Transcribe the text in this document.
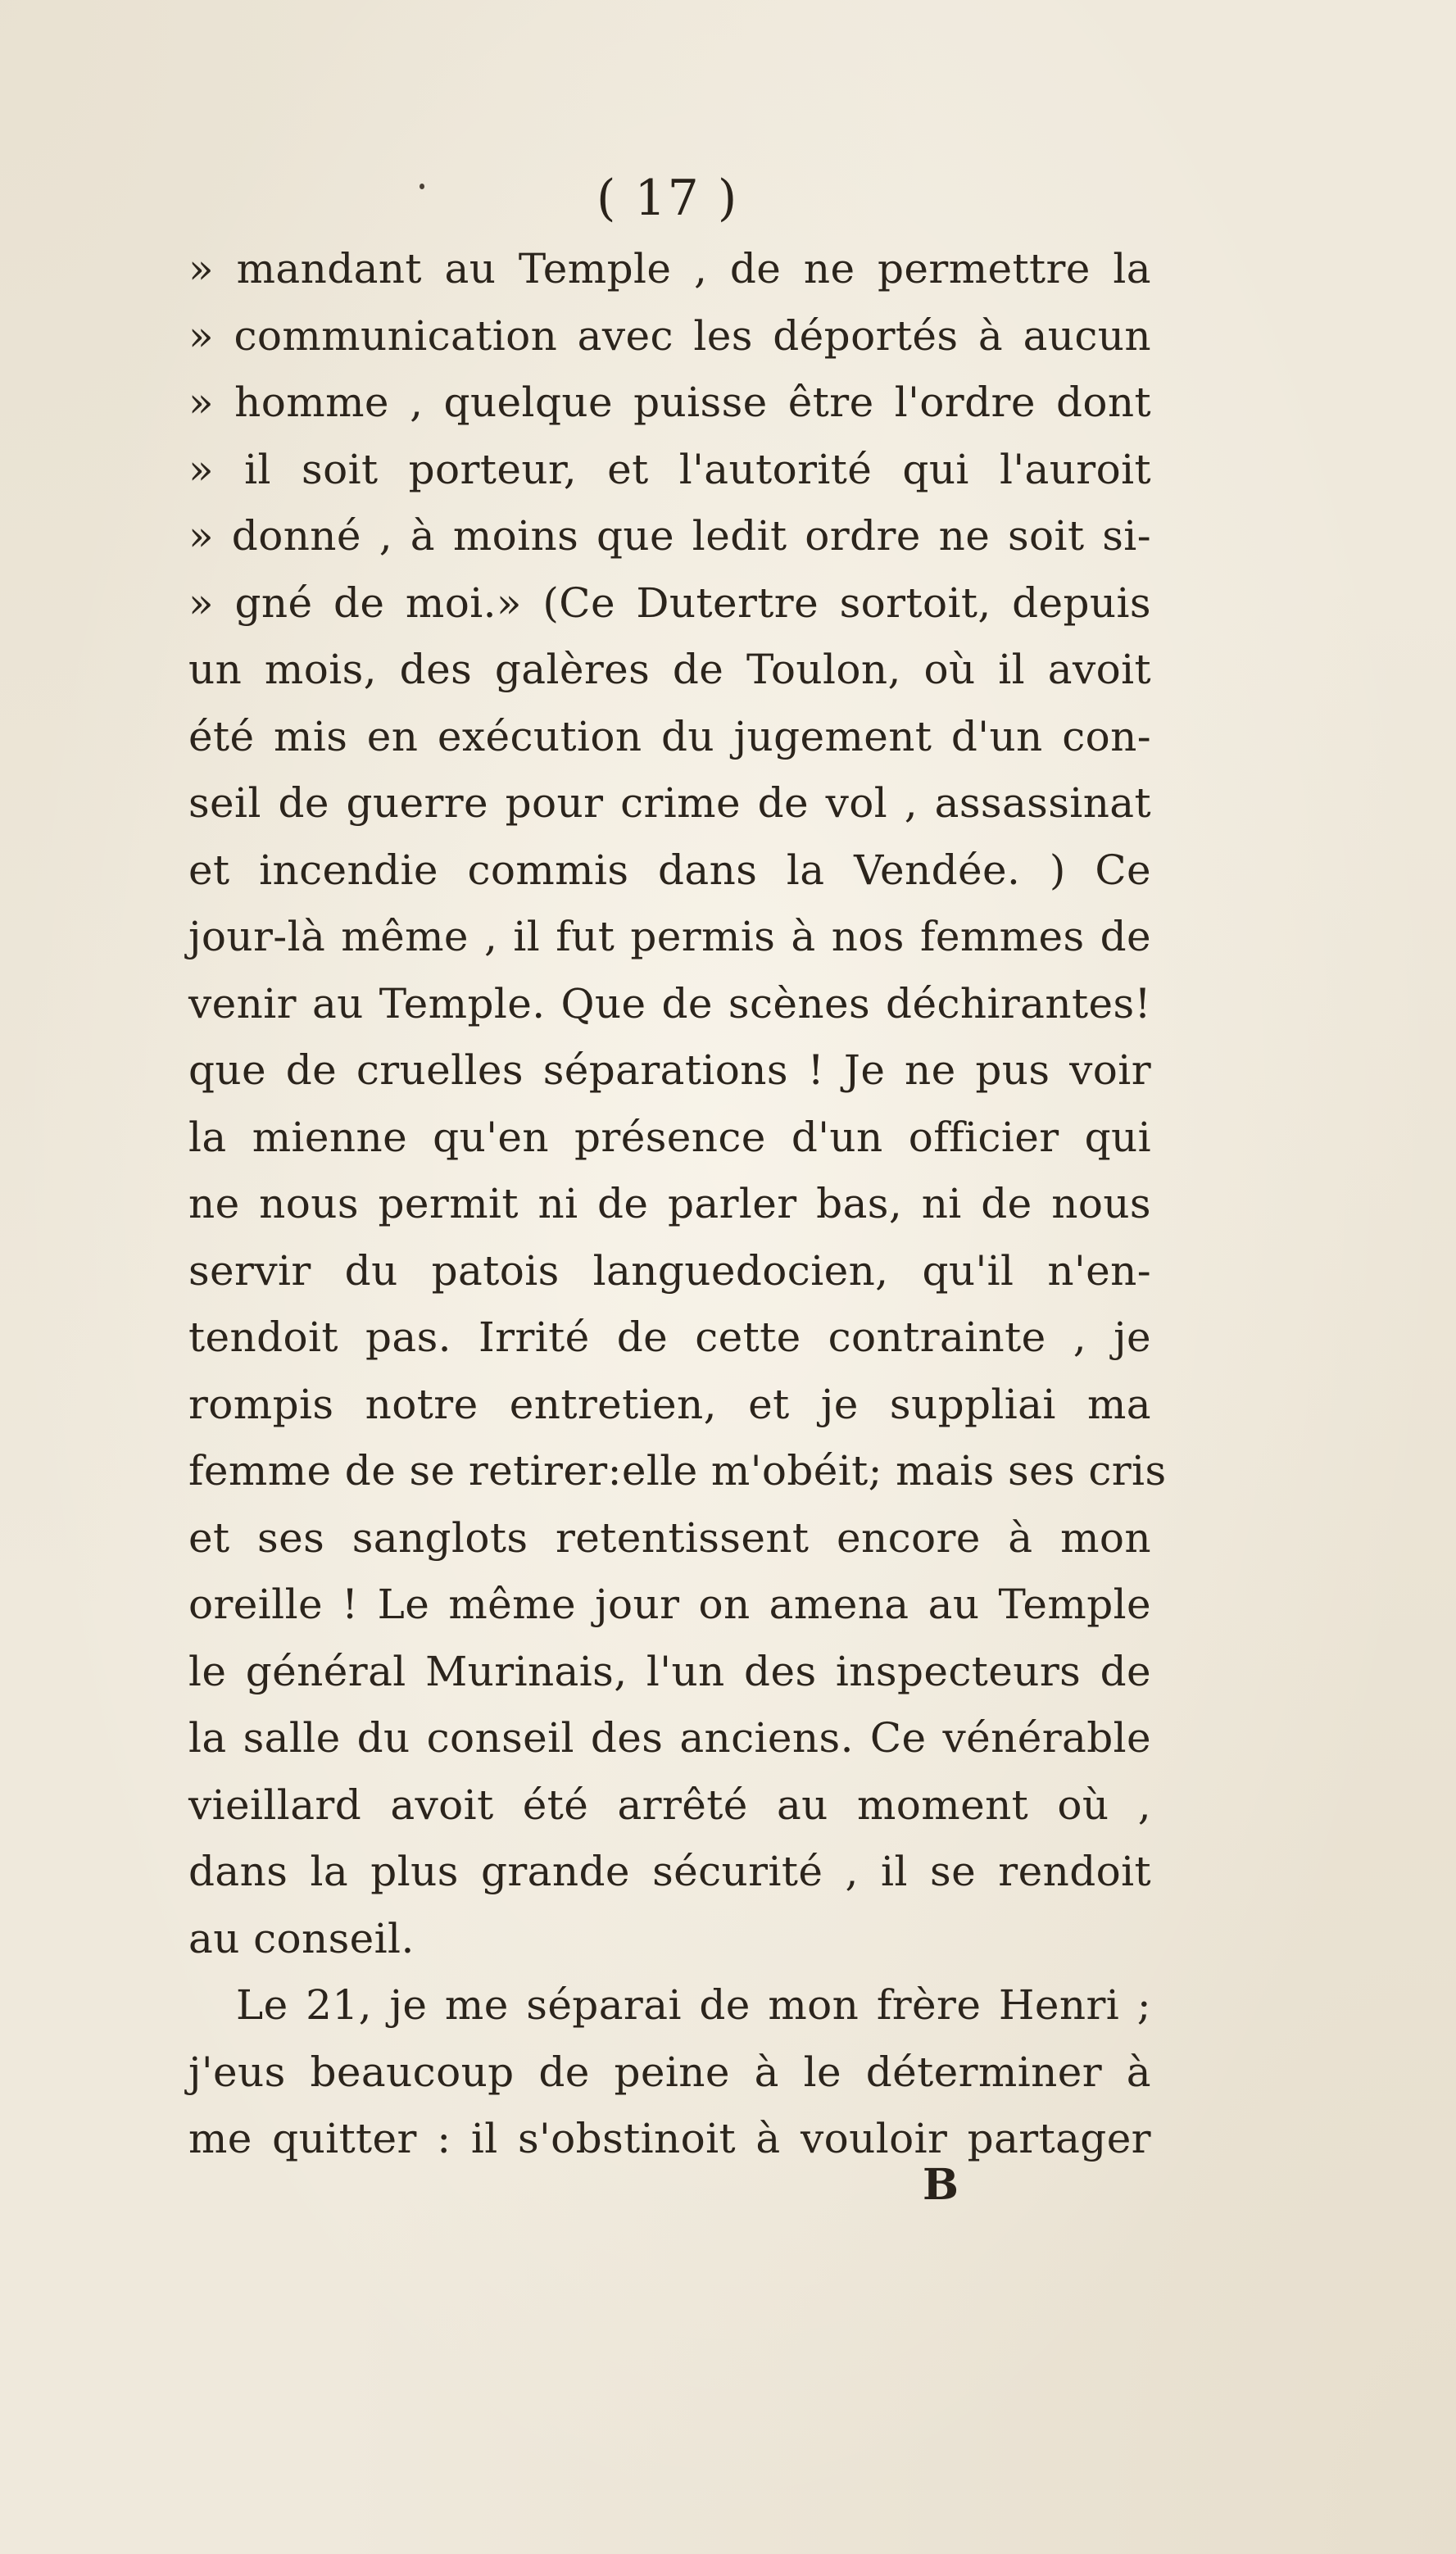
( 17 )
» mandant au Temple , de ne permettre la
» communication avec les déportés à aucun
» homme , quelque puisse être l'ordre dont
» il soit porteur, et l'autorité qui l'auroit
» donné , à moins que ledit ordre ne soit si-
» gné de moi.» (Ce Dutertre sortoit, depuis
un mois, des galères de Toulon, où il avoit
été mis en exécution du jugement d'un con-
seil de guerre pour crime de vol , assassinat
et incendie commis dans la Vendée. ) Ce
jour-là même , il fut permis à nos femmes de
venir au Temple. Que de scènes déchirantes!
que de cruelles séparations ! Je ne pus voir
la mienne qu'en présence d'un officier qui
ne nous permit ni de parler bas, ni de nous
servir du patois languedocien, qu'il n'en-
tendoit pas. Irrité de cette contrainte , je
rompis notre entretien, et je suppliai ma
femme de se retirer:elle m'obéit; mais ses cris
et ses sanglots retentissent encore à mon
oreille ! Le même jour on amena au Temple
le général Murinais, l'un des inspecteurs de
la salle du conseil des anciens. Ce vénérable
vieillard avoit été arrêté au moment où ,
dans la plus grande sécurité , il se rendoit
au conseil.
Le 21, je me séparai de mon frère Henri ;
j'eus beaucoup de peine à le déterminer à
me quitter : il s'obstinoit à vouloir partager
B
